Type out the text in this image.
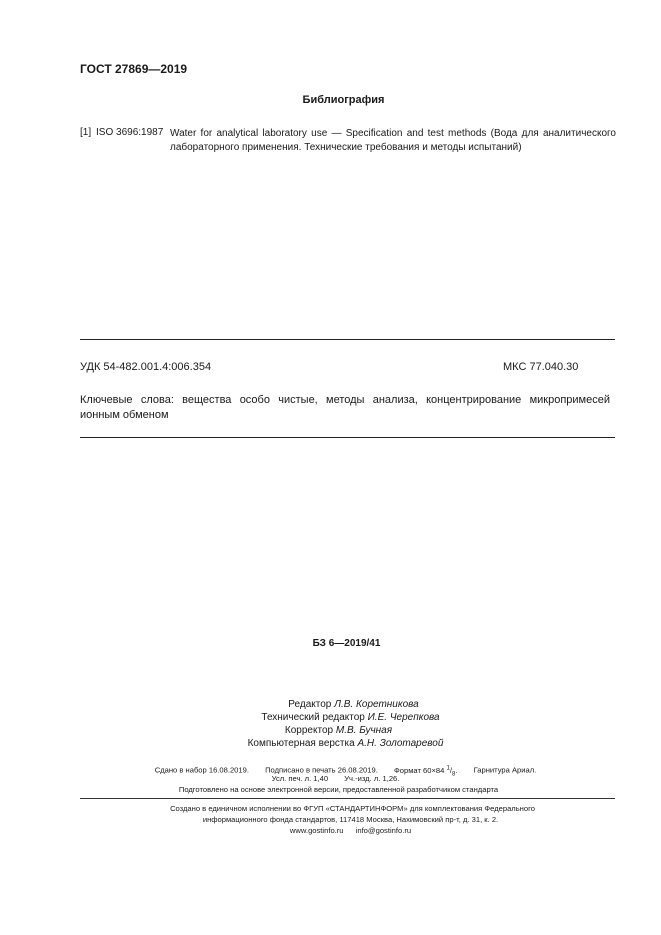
ГОСТ 27869—2019
Библиография
[1] ISO 3696:1987 Water for analytical laboratory use — Specification and test methods (Вода для аналитического
лабораторного применения. Технические требования и методы испытаний)
УДК 54-482.001.4:006.354	МКС 77.040.30
Ключевые слова: вещества особо чистые, методы анализа, концентрирование микропримесей
ионным обменом
БЗ 6—2019/41
Редактор Л.В. Коретникова
Технический редактор И.Е. Черепкова
Корректор М.В. Бучная
Компьютерная верстка А.Н. Золотаревой
Сдано в набор 16.08.2019. Подписано в печать 26.08.2019. Формат 60×84 $^1/_8$. Гарнитура Ариал.
Усл. печ. л. 1,40 Уч.-изд. л. 1,26.
Подготовлено на основе электронной версии, предоставленной разработчиком стандарта
Создано в единичном исполнении во ФГУП «СТАНДАРТИНФОРМ» для комплектования Федерального
информационного фонда стандартов, 117418 Москва, Нахимовский пр-т, д. 31, к. 2.
www.gostinfo.ru info@gostinfo.ru
